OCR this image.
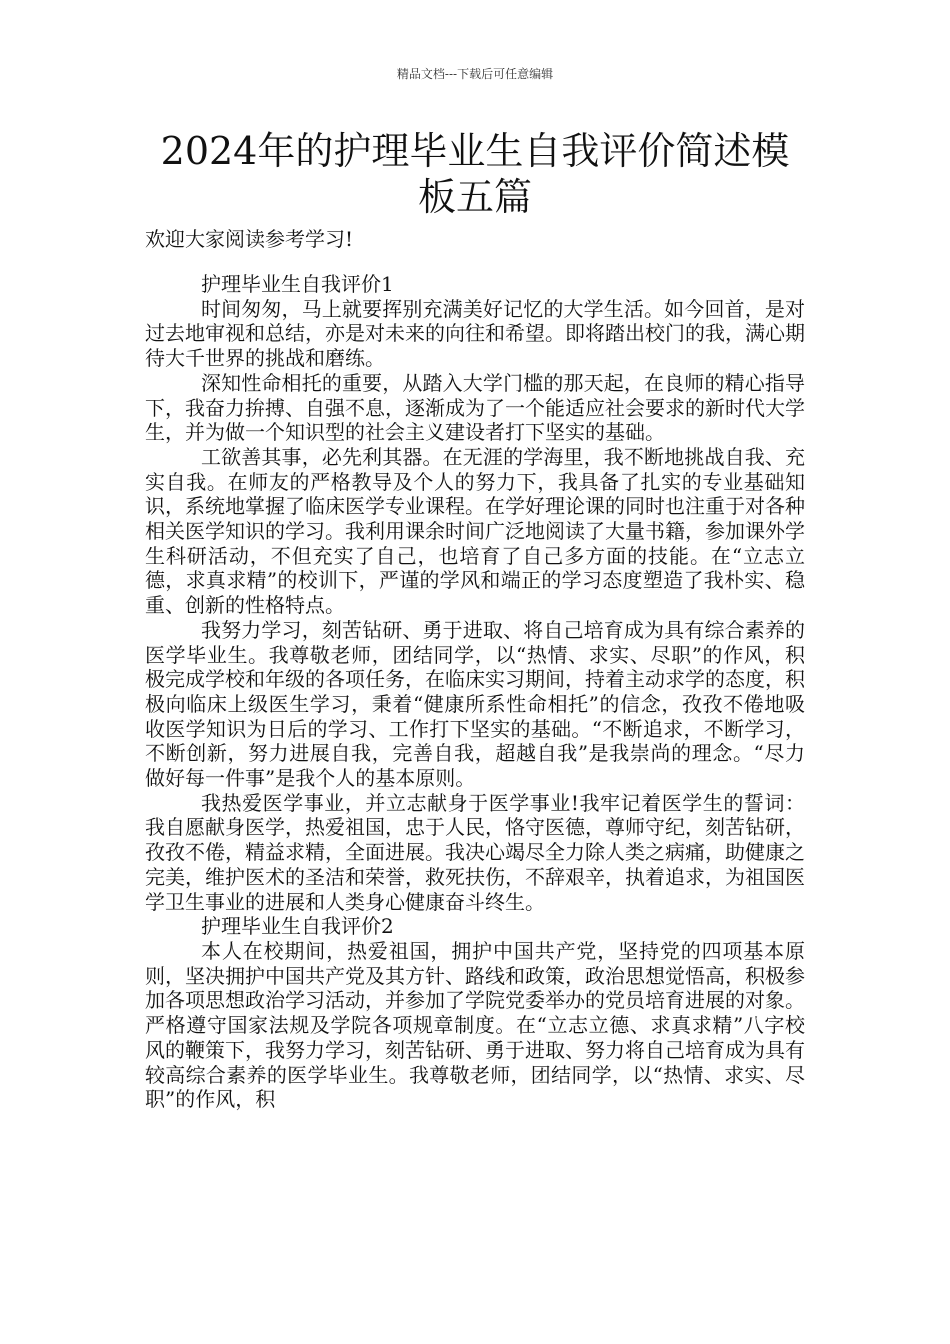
精品文档---下载后可任意编辑
2024年的护理毕业生自我评价简述模板五篇
欢迎大家阅读参考学习!
护理毕业生自我评价1

时间匆匆，马上就要挥别充满美好记忆的大学生活。如今回首，是对过去地审视和总结，亦是对未来的向往和希望。即将踏出校门的我，满心期待大千世界的挑战和磨练。

深知性命相托的重要，从踏入大学门槛的那天起，在良师的精心指导下，我奋力拚搏、自强不息，逐渐成为了一个能适应社会要求的新时代大学生，并为做一个知识型的社会主义建设者打下坚实的基础。

工欲善其事，必先利其器。在无涯的学海里，我不断地挑战自我、充实自我。在师友的严格教导及个人的努力下，我具备了扎实的专业基础知识，系统地掌握了临床医学专业课程。在学好理论课的同时也注重于对各种相关医学知识的学习。我利用课余时间广泛地阅读了大量书籍，参加课外学生科研活动，不但充实了自己，也培育了自己多方面的技能。在“立志立德，求真求精”的校训下，严谨的学风和端正的学习态度塑造了我朴实、稳重、创新的性格特点。

我努力学习，刻苦钻研、勇于进取、将自己培育成为具有综合素养的医学毕业生。我尊敬老师，团结同学，以“热情、求实、尽职”的作风，积极完成学校和年级的各项任务，在临床实习期间，持着主动求学的态度，积极向临床上级医生学习，秉着“健康所系性命相托”的信念，孜孜不倦地吸收医学知识为日后的学习、工作打下坚实的基础。“不断追求，不断学习，不断创新，努力进展自我，完善自我，超越自我”是我崇尚的理念。“尽力做好每一件事”是我个人的基本原则。

我热爱医学事业，并立志献身于医学事业!我牢记着医学生的誓词：我自愿献身医学，热爱祖国，忠于人民，恪守医德，尊师守纪，刻苦钻研，孜孜不倦，精益求精，全面进展。我决心竭尽全力除人类之病痛，助健康之完美，维护医术的圣洁和荣誉，救死扶伤，不辞艰辛，执着追求，为祖国医学卫生事业的进展和人类身心健康奋斗终生。

护理毕业生自我评价2

本人在校期间，热爱祖国，拥护中国共产党，坚持党的四项基本原则，坚决拥护中国共产党及其方针、路线和政策，政治思想觉悟高，积极参加各项思想政治学习活动，并参加了学院党委举办的党员培育进展的对象。严格遵守国家法规及学院各项规章制度。在“立志立德、求真求精”八字校风的鞭策下，我努力学习，刻苦钻研、勇于进取、努力将自己培育成为具有较高综合素养的医学毕业生。我尊敬老师，团结同学，以“热情、求实、尽职”的作风，积
